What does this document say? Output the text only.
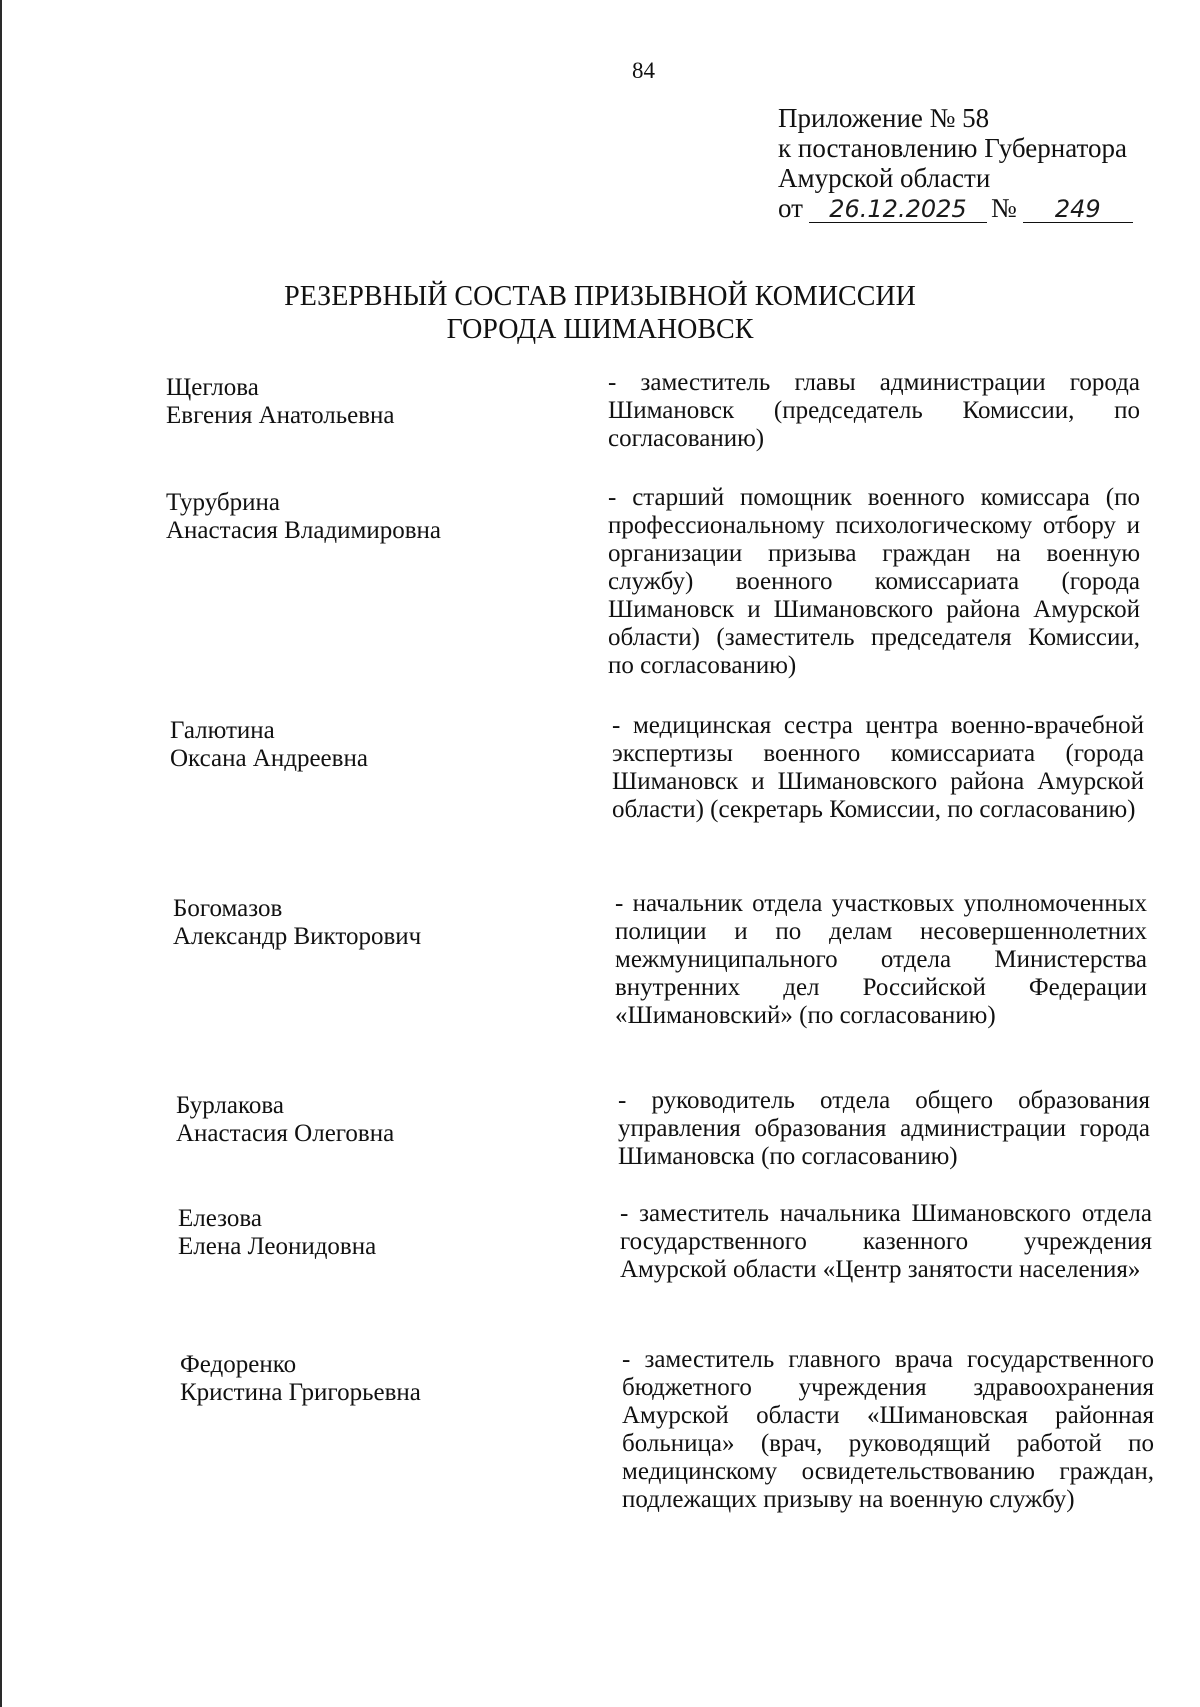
84
Приложение № 58
к постановлению Губернатора
Амурской области
от 26.12.2025 № 249
РЕЗЕРВНЫЙ СОСТАВ ПРИЗЫВНОЙ КОМИССИИ
ГОРОДА ШИМАНОВСК
Щеглова
Евгения Анатольевна
- заместитель главы администрации города Шимановск (председатель Комиссии, по согласованию)
Турубрина
Анастасия Владимировна
- старший помощник военного комиссара (по профессиональному психологическому отбору и организации призыва граждан на военную службу) военного комиссариата (города Шимановск и Шимановского района Амурской области) (заместитель председателя Комиссии, по согласованию)
Галютина
Оксана Андреевна
- медицинская сестра центра военно-врачебной экспертизы военного комиссариата (города Шимановск и Шимановского района Амурской области) (секретарь Комиссии, по согласованию)
Богомазов
Александр Викторович
- начальник отдела участковых уполномоченных полиции и по делам несовершеннолетних межмуниципального отдела Министерства внутренних дел Российской Федерации «Шимановский» (по согласованию)
Бурлакова
Анастасия Олеговна
- руководитель отдела общего образования управления образования администрации города Шимановска (по согласованию)
Елезова
Елена Леонидовна
- заместитель начальника Шимановского отдела государственного казенного учреждения Амурской области «Центр занятости населения»
Федоренко
Кристина Григорьевна
- заместитель главного врача государственного бюджетного учреждения здравоохранения Амурской области «Шимановская районная больница» (врач, руководящий работой по медицинскому освидетельствованию граждан, подлежащих призыву на военную службу)
